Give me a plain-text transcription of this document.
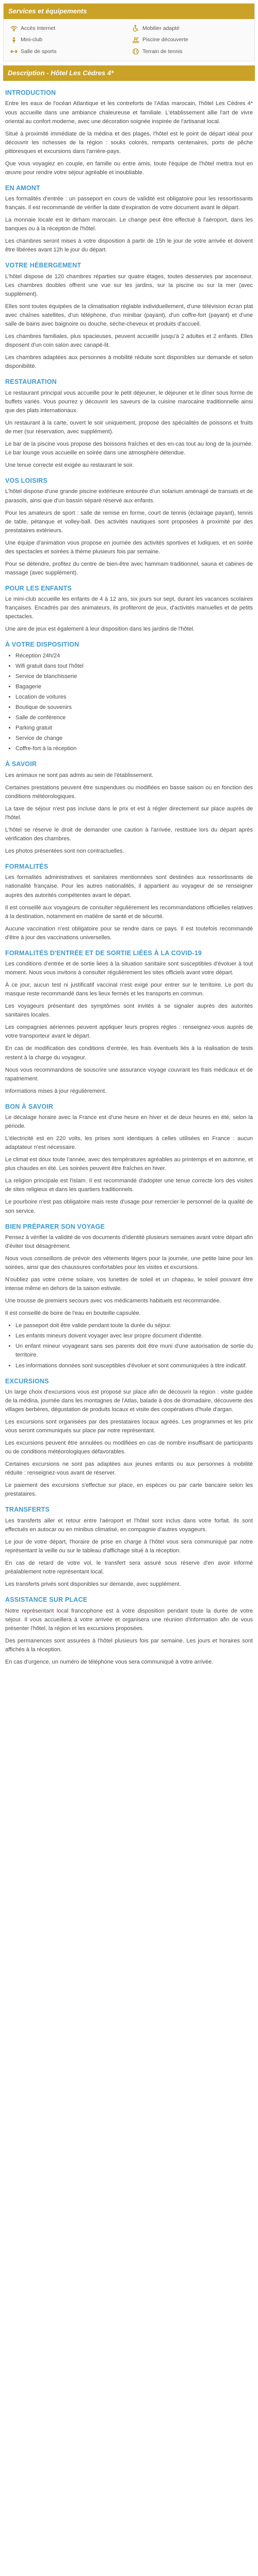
Services et équipements
Accès Internet	Mobilier adapté
Mini-club	Piscine découverte
Salle de sports	Terrain de tennis
Description - Hôtel Les Cèdres 4*
INTRODUCTION

Entre les eaux de l'océan Atlantique et les contreforts de l'Atlas marocain, l'hôtel Les Cèdres 4* vous accueille dans une ambiance chaleureuse et familiale. L'établissement allie l'art de vivre oriental au confort moderne, avec une décoration soignée inspirée de l'artisanat local.

Situé à proximité immédiate de la médina et des plages, l'hôtel est le point de départ idéal pour découvrir les richesses de la région : souks colorés, remparts centenaires, ports de pêche pittoresques et excursions dans l'arrière-pays.

Que vous voyagiez en couple, en famille ou entre amis, toute l'équipe de l'hôtel mettra tout en œuvre pour rendre votre séjour agréable et inoubliable.

EN AMONT

Les formalités d'entrée : un passeport en cours de validité est obligatoire pour les ressortissants français. Il est recommandé de vérifier la date d'expiration de votre document avant le départ.

La monnaie locale est le dirham marocain. Le change peut être effectué à l'aéroport, dans les banques ou à la réception de l'hôtel.

Les chambres seront mises à votre disposition à partir de 15h le jour de votre arrivée et doivent être libérées avant 12h le jour du départ.

VOTRE HÉBERGEMENT

L'hôtel dispose de 120 chambres réparties sur quatre étages, toutes desservies par ascenseur. Les chambres doubles offrent une vue sur les jardins, sur la piscine ou sur la mer (avec supplément).

Elles sont toutes équipées de la climatisation réglable individuellement, d'une télévision écran plat avec chaînes satellites, d'un téléphone, d'un minibar (payant), d'un coffre-fort (payant) et d'une salle de bains avec baignoire ou douche, sèche-cheveux et produits d'accueil.

Les chambres familiales, plus spacieuses, peuvent accueillir jusqu'à 2 adultes et 2 enfants. Elles disposent d'un coin salon avec canapé-lit.

Les chambres adaptées aux personnes à mobilité réduite sont disponibles sur demande et selon disponibilité.

RESTAURATION

Le restaurant principal vous accueille pour le petit déjeuner, le déjeuner et le dîner sous forme de buffets variés. Vous pourrez y découvrir les saveurs de la cuisine marocaine traditionnelle ainsi que des plats internationaux.

Un restaurant à la carte, ouvert le soir uniquement, propose des spécialités de poissons et fruits de mer (sur réservation, avec supplément).

Le bar de la piscine vous propose des boissons fraîches et des en-cas tout au long de la journée. Le bar lounge vous accueille en soirée dans une atmosphère détendue.

Une tenue correcte est exigée au restaurant le soir.

VOS LOISIRS

L'hôtel dispose d'une grande piscine extérieure entourée d'un solarium aménagé de transats et de parasols, ainsi que d'un bassin séparé réservé aux enfants.

Pour les amateurs de sport : salle de remise en forme, court de tennis (éclairage payant), tennis de table, pétanque et volley-ball. Des activités nautiques sont proposées à proximité par des prestataires extérieurs.

Une équipe d'animation vous propose en journée des activités sportives et ludiques, et en soirée des spectacles et soirées à thème plusieurs fois par semaine.

Pour se détendre, profitez du centre de bien-être avec hammam traditionnel, sauna et cabines de massage (avec supplément).

POUR LES ENFANTS

Le mini-club accueille les enfants de 4 à 12 ans, six jours sur sept, durant les vacances scolaires françaises. Encadrés par des animateurs, ils profiteront de jeux, d'activités manuelles et de petits spectacles.

Une aire de jeux est également à leur disposition dans les jardins de l'hôtel.

À VOTRE DISPOSITION
• Réception 24h/24
• Wifi gratuit dans tout l'hôtel
• Service de blanchisserie
• Bagagerie
• Location de voitures
• Boutique de souvenirs
• Salle de conférence
• Parking gratuit
• Service de change
• Coffre-fort à la réception
À SAVOIR

Les animaux ne sont pas admis au sein de l'établissement.

Certaines prestations peuvent être suspendues ou modifiées en basse saison ou en fonction des conditions météorologiques.

La taxe de séjour n'est pas incluse dans le prix et est à régler directement sur place auprès de l'hôtel.

L'hôtel se réserve le droit de demander une caution à l'arrivée, restituée lors du départ après vérification des chambres.

Les photos présentées sont non contractuelles.

FORMALITÉS

Les formalités administratives et sanitaires mentionnées sont destinées aux ressortissants de nationalité française. Pour les autres nationalités, il appartient au voyageur de se renseigner auprès des autorités compétentes avant le départ.

Il est conseillé aux voyageurs de consulter régulièrement les recommandations officielles relatives à la destination, notamment en matière de santé et de sécurité.

Aucune vaccination n'est obligatoire pour se rendre dans ce pays. Il est toutefois recommandé d'être à jour des vaccinations universelles.

FORMALITÉS D'ENTRÉE ET DE SORTIE LIÉES À LA COVID-19

Les conditions d'entrée et de sortie liées à la situation sanitaire sont susceptibles d'évoluer à tout moment. Nous vous invitons à consulter régulièrement les sites officiels avant votre départ.

À ce jour, aucun test ni justificatif vaccinal n'est exigé pour entrer sur le territoire. Le port du masque reste recommandé dans les lieux fermés et les transports en commun.

Les voyageurs présentant des symptômes sont invités à se signaler auprès des autorités sanitaires locales.

Les compagnies aériennes peuvent appliquer leurs propres règles : renseignez-vous auprès de votre transporteur avant le départ.

En cas de modification des conditions d'entrée, les frais éventuels liés à la réalisation de tests restent à la charge du voyageur.

Nous vous recommandons de souscrire une assurance voyage couvrant les frais médicaux et de rapatriement.

Informations mises à jour régulièrement.

BON À SAVOIR

Le décalage horaire avec la France est d'une heure en hiver et de deux heures en été, selon la période.

L'électricité est en 220 volts, les prises sont identiques à celles utilisées en France : aucun adaptateur n'est nécessaire.

Le climat est doux toute l'année, avec des températures agréables au printemps et en automne, et plus chaudes en été. Les soirées peuvent être fraîches en hiver.

La religion principale est l'islam. Il est recommandé d'adopter une tenue correcte lors des visites de sites religieux et dans les quartiers traditionnels.

Le pourboire n'est pas obligatoire mais reste d'usage pour remercier le personnel de la qualité de son service.

BIEN PRÉPARER SON VOYAGE

Pensez à vérifier la validité de vos documents d'identité plusieurs semaines avant votre départ afin d'éviter tout désagrément.

Nous vous conseillons de prévoir des vêtements légers pour la journée, une petite laine pour les soirées, ainsi que des chaussures confortables pour les visites et excursions.

N'oubliez pas votre crème solaire, vos lunettes de soleil et un chapeau, le soleil pouvant être intense même en dehors de la saison estivale.

Une trousse de premiers secours avec vos médicaments habituels est recommandée.

Il est conseillé de boire de l'eau en bouteille capsulée.

• Le passeport doit être valide pendant toute la durée du séjour.
• Les enfants mineurs doivent voyager avec leur propre document d'identité.
• Un enfant mineur voyageant sans ses parents doit être muni d'une autorisation de sortie du territoire.
• Les informations données sont susceptibles d'évoluer et sont communiquées à titre indicatif.
EXCURSIONS

Un large choix d'excursions vous est proposé sur place afin de découvrir la région : visite guidée de la médina, journée dans les montagnes de l'Atlas, balade à dos de dromadaire, découverte des villages berbères, dégustation de produits locaux et visite des coopératives d'huile d'argan.

Les excursions sont organisées par des prestataires locaux agréés. Les programmes et les prix vous seront communiqués sur place par notre représentant.

Les excursions peuvent être annulées ou modifiées en cas de nombre insuffisant de participants ou de conditions météorologiques défavorables.

Certaines excursions ne sont pas adaptées aux jeunes enfants ou aux personnes à mobilité réduite : renseignez-vous avant de réserver.

Le paiement des excursions s'effectue sur place, en espèces ou par carte bancaire selon les prestataires.

TRANSFERTS

Les transferts aller et retour entre l'aéroport et l'hôtel sont inclus dans votre forfait. Ils sont effectués en autocar ou en minibus climatisé, en compagnie d'autres voyageurs.

Le jour de votre départ, l'horaire de prise en charge à l'hôtel vous sera communiqué par notre représentant la veille ou sur le tableau d'affichage situé à la réception.

En cas de retard de votre vol, le transfert sera assuré sous réserve d'en avoir informé préalablement notre représentant local.

Les transferts privés sont disponibles sur demande, avec supplément.

ASSISTANCE SUR PLACE

Notre représentant local francophone est à votre disposition pendant toute la durée de votre séjour. Il vous accueillera à votre arrivée et organisera une réunion d'information afin de vous présenter l'hôtel, la région et les excursions proposées.

Des permanences sont assurées à l'hôtel plusieurs fois par semaine. Les jours et horaires sont affichés à la réception.

En cas d'urgence, un numéro de téléphone vous sera communiqué à votre arrivée.
